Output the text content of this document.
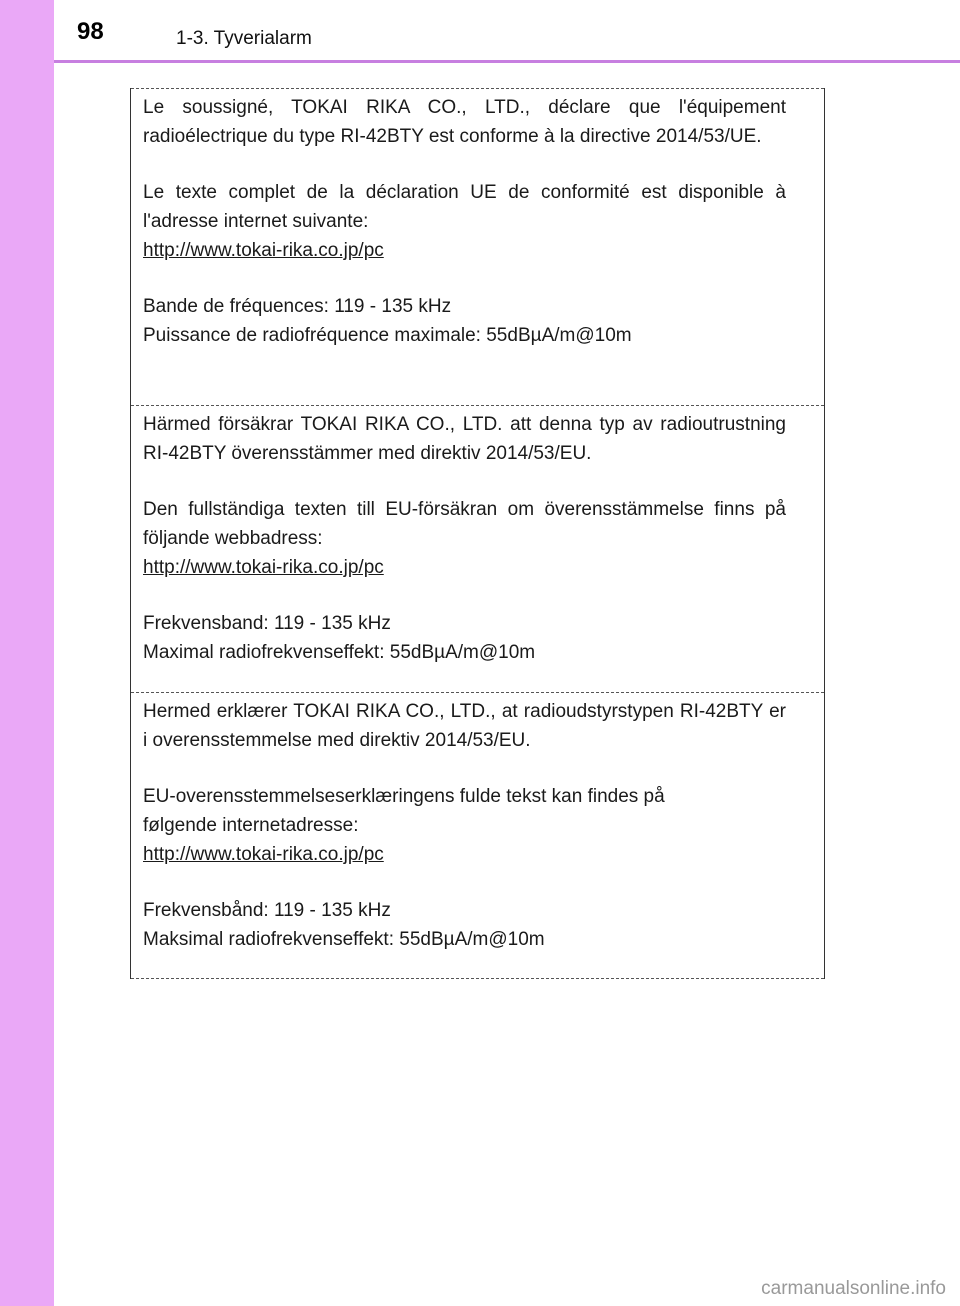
98	1-3. Tyverialarm

Le soussigné, TOKAI RIKA CO., LTD., déclare que l'équipement radioélectrique du type RI-42BTY est conforme à la directive 2014/53/UE.

Le texte complet de la déclaration UE de conformité est disponible à l'adresse internet suivante:

http://www.tokai-rika.co.jp/pc
Bande de fréquences: 119 - 135 kHz
Puissance de radiofréquence maximale: 55dBµA/m@10m

Härmed försäkrar TOKAI RIKA CO., LTD. att denna typ av radioutrustning RI-42BTY överensstämmer med direktiv 2014/53/EU.

Den fullständiga texten till EU-försäkran om överensstämmelse finns på följande webbadress:

http://www.tokai-rika.co.jp/pc
Frekvensband: 119 - 135 kHz
Maximal radiofrekvenseffekt: 55dBµA/m@10m

Hermed erklærer TOKAI RIKA CO., LTD., at radioudstyrstypen RI-42BTY er i overensstemmelse med direktiv 2014/53/EU.

EU-overensstemmelseserklæringens fulde tekst kan findes på
følgende internetadresse:
http://www.tokai-rika.co.jp/pc
Frekvensbånd: 119 - 135 kHz
Maksimal radiofrekvenseffekt: 55dBµA/m@10m
carmanualsonline.info
